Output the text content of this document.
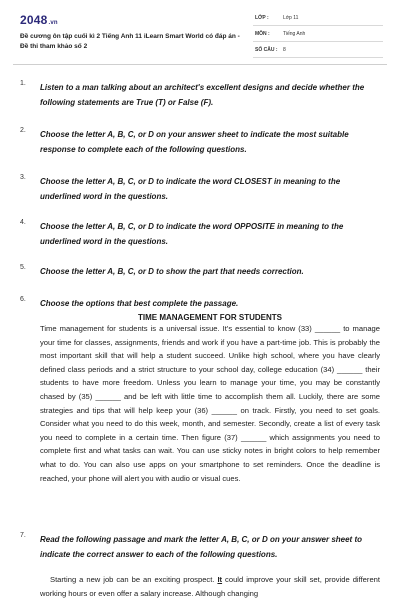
2048.vn
Đề cương ôn tập cuối kì 2 Tiếng Anh 11 iLearn Smart World có đáp án - Đề thi tham khảo số 2
LỚP :	Lớp 11
MÔN :	Tiếng Anh
SỐ CÂU : 8
1. Listen to a man talking about an architect's excellent designs and decide whether the following statements are True (T) or False (F).
2. Choose the letter A, B, C, or D on your answer sheet to indicate the most suitable response to complete each of the following questions.
3. Choose the letter A, B, C, or D to indicate the word CLOSEST in meaning to the underlined word in the questions.
4. Choose the letter A, B, C, or D to indicate the word OPPOSITE in meaning to the underlined word in the questions.
5. Choose the letter A, B, C, or D to show the part that needs correction.
6. Choose the options that best complete the passage.
TIME MANAGEMENT FOR STUDENTS
Time management for students is a universal issue. It's essential to know (33) ______ to manage your time for classes, assignments, friends and work if you have a part-time job. This is probably the most important skill that will help a student succeed. Unlike high school, where you have clearly defined class periods and a strict structure to your school day, college education (34) ______ their students to have more freedom. Unless you learn to manage your time, you may be constantly chased by (35) ______ and be left with little time to accomplish them all. Luckily, there are some strategies and tips that will help keep your (36) ______ on track. Firstly, you need to set goals. Consider what you need to do this week, month, and semester. Secondly, create a list of every task you need to complete in a certain time. Then figure (37) ______ which assignments you need to complete first and what tasks can wait. You can use sticky notes in bright colors to help remember what to do. You can also use apps on your smartphone to set reminders. Once the deadline is reached, your phone will alert you with audio or visual cues.
7. Read the following passage and mark the letter A, B, C, or D on your answer sheet to indicate the correct answer to each of the following questions.
Starting a new job can be an exciting prospect. It could improve your skill set, provide different working hours or even offer a salary increase. Although changing
